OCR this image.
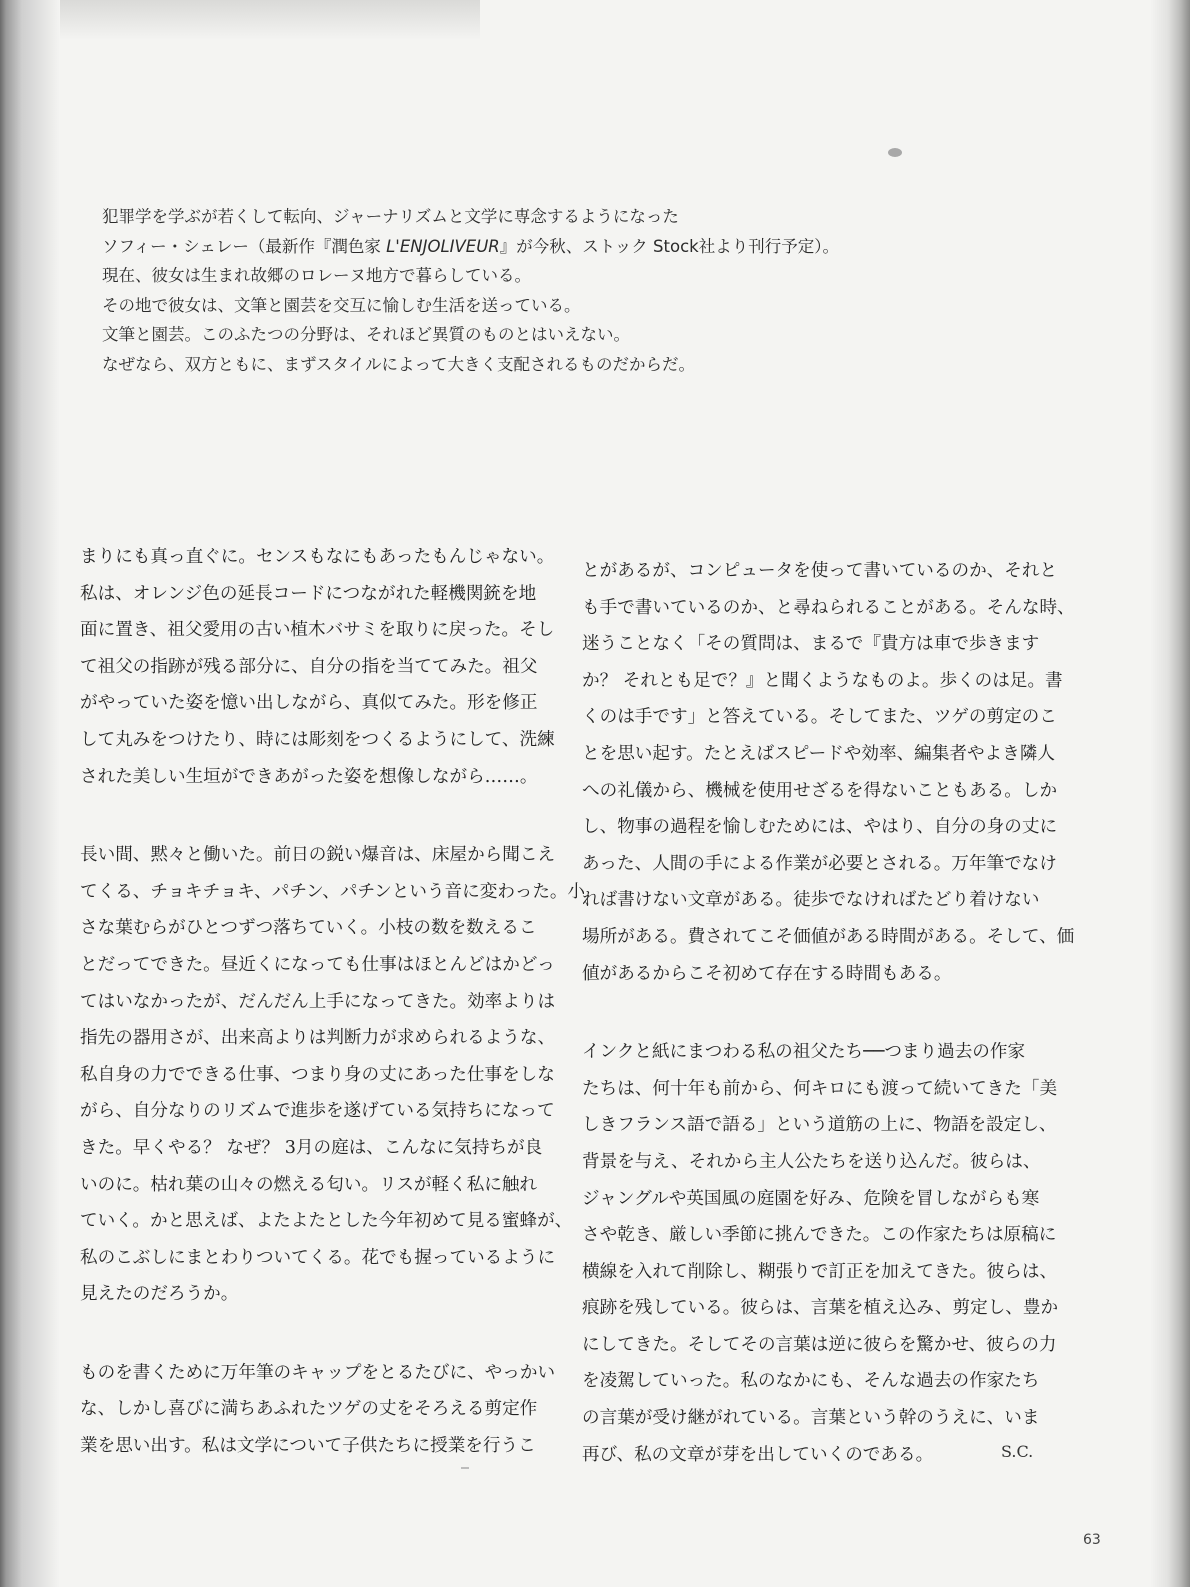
犯罪学を学ぶが若くして転向、ジャーナリズムと文学に専念するようになった

ソフィー・シェレー（最新作『潤色家 L'ENJOLIVEUR』が今秋、ストック Stock社より刊行予定）。

現在、彼女は生まれ故郷のロレーヌ地方で暮らしている。

その地で彼女は、文筆と園芸を交互に愉しむ生活を送っている。

文筆と園芸。このふたつの分野は、それほど異質のものとはいえない。

なぜなら、双方ともに、まずスタイルによって大きく支配されるものだからだ。

まりにも真っ直ぐに。センスもなにもあったもんじゃない。

私は、オレンジ色の延長コードにつながれた軽機関銃を地

面に置き、祖父愛用の古い植木バサミを取りに戻った。そし

て祖父の指跡が残る部分に、自分の指を当ててみた。祖父

がやっていた姿を憶い出しながら、真似てみた。形を修正

して丸みをつけたり、時には彫刻をつくるようにして、洗練

された美しい生垣ができあがった姿を想像しながら……。

長い間、黙々と働いた。前日の鋭い爆音は、床屋から聞こえ

てくる、チョキチョキ、パチン、パチンという音に変わった。小

さな葉むらがひとつずつ落ちていく。小枝の数を数えるこ

とだってできた。昼近くになっても仕事はほとんどはかどっ

てはいなかったが、だんだん上手になってきた。効率よりは

指先の器用さが、出来高よりは判断力が求められるような、

私自身の力でできる仕事、つまり身の丈にあった仕事をしな

がら、自分なりのリズムで進歩を遂げている気持ちになって

きた。早くやる？ なぜ？ 3月の庭は、こんなに気持ちが良

いのに。枯れ葉の山々の燃える匂い。リスが軽く私に触れ

ていく。かと思えば、よたよたとした今年初めて見る蜜蜂が、

私のこぶしにまとわりついてくる。花でも握っているように

見えたのだろうか。

ものを書くために万年筆のキャップをとるたびに、やっかい

な、しかし喜びに満ちあふれたツゲの丈をそろえる剪定作

業を思い出す。私は文学について子供たちに授業を行うこ

とがあるが、コンピュータを使って書いているのか、それと

も手で書いているのか、と尋ねられることがある。そんな時、

迷うことなく「その質問は、まるで『貴方は車で歩きます

か？ それとも足で？』と聞くようなものよ。歩くのは足。書

くのは手です」と答えている。そしてまた、ツゲの剪定のこ

とを思い起す。たとえばスピードや効率、編集者やよき隣人

への礼儀から、機械を使用せざるを得ないこともある。しか

し、物事の過程を愉しむためには、やはり、自分の身の丈に

あった、人間の手による作業が必要とされる。万年筆でなけ

れば書けない文章がある。徒歩でなければたどり着けない

場所がある。費されてこそ価値がある時間がある。そして、価

値があるからこそ初めて存在する時間もある。

インクと紙にまつわる私の祖父たち──つまり過去の作家

たちは、何十年も前から、何キロにも渡って続いてきた「美

しきフランス語で語る」という道筋の上に、物語を設定し、

背景を与え、それから主人公たちを送り込んだ。彼らは、

ジャングルや英国風の庭園を好み、危険を冒しながらも寒

さや乾き、厳しい季節に挑んできた。この作家たちは原稿に

横線を入れて削除し、糊張りで訂正を加えてきた。彼らは、

痕跡を残している。彼らは、言葉を植え込み、剪定し、豊か

にしてきた。そしてその言葉は逆に彼らを驚かせ、彼らの力

を凌駕していった。私のなかにも、そんな過去の作家たち

の言葉が受け継がれている。言葉という幹のうえに、いま

再び、私の文章が芽を出していくのである。	S.C.
63
